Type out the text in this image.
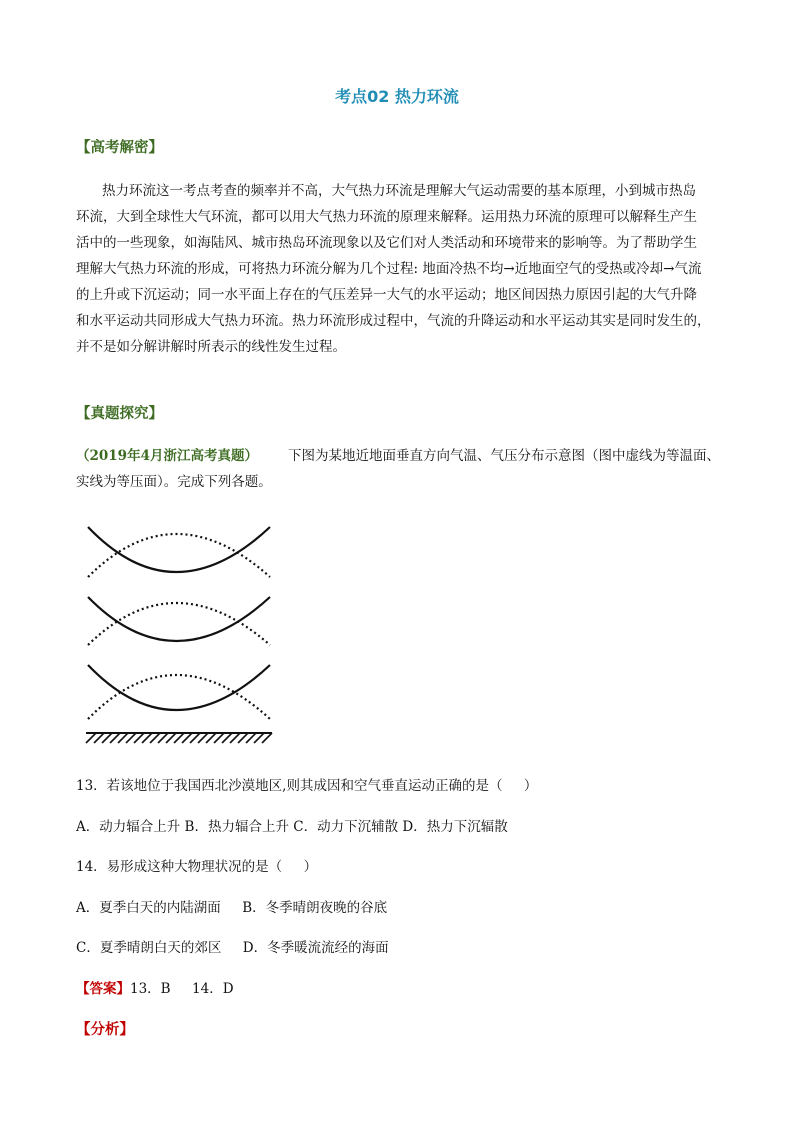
考点02 热力环流
【高考解密】
热力环流这一考点考查的频率并不高，大气热力环流是理解大气运动需要的基本原理，小到城市热岛
环流，大到全球性大气环流，都可以用大气热力环流的原理来解释。运用热力环流的原理可以解释生产生
活中的一些现象，如海陆风、城市热岛环流现象以及它们对人类活动和环境带来的影响等。为了帮助学生
理解大气热力环流的形成，可将热力环流分解为几个过程: 地面冷热不均→近地面空气的受热或冷却→气流
的上升或下沉运动；同一水平面上存在的气压差异一大气的水平运动；地区间因热力原因引起的大气升降
和水平运动共同形成大气热力环流。热力环流形成过程中，气流的升降运动和水平运动其实是同时发生的，
并不是如分解讲解时所表示的线性发生过程。
【真题探究】
（2019年4月浙江高考真题）       下图为某地近地面垂直方向气温、气压分布示意图（图中虚线为等温面、
实线为等压面）。完成下列各题。
13．若该地位于我国西北沙漠地区,则其成因和空气垂直运动正确的是（     ）
A．动力辐合上升 B．热力辐合上升 C．动力下沉辅散 D．热力下沉辐散
14．易形成这种大物理状况的是（     ）
A．夏季白天的内陆湖面     B．冬季晴朗夜晚的谷底
C．夏季晴朗白天的郊区     D．冬季暖流流经的海面
【答案】13．B     14．D
【分析】
